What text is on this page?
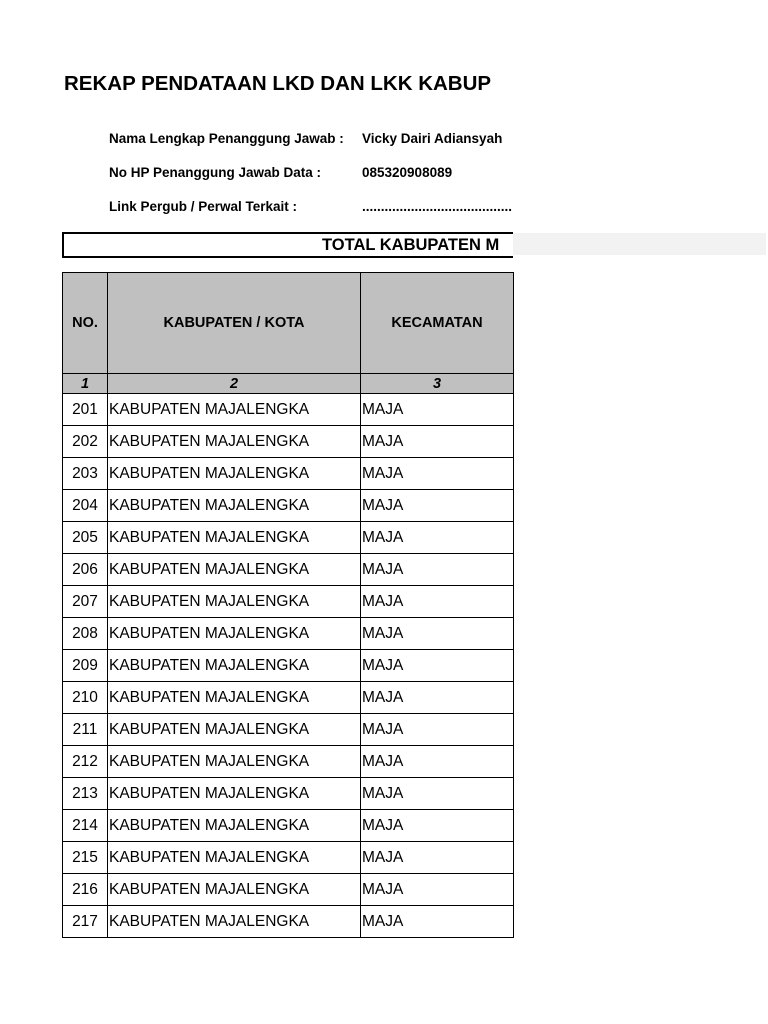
REKAP PENDATAAN LKD DAN LKK KABUP
Nama Lengkap Penanggung Jawab :	Vicky Dairi Adiansyah
No HP Penanggung Jawab Data :	085320908089
Link Pergub / Perwal Terkait :	........................................
TOTAL KABUPATEN M
NO.	KABUPATEN / KOTA	KECAMATAN
1	2	3
201	KABUPATEN MAJALENGKA	MAJA
202	KABUPATEN MAJALENGKA	MAJA
203	KABUPATEN MAJALENGKA	MAJA
204	KABUPATEN MAJALENGKA	MAJA
205	KABUPATEN MAJALENGKA	MAJA
206	KABUPATEN MAJALENGKA	MAJA
207	KABUPATEN MAJALENGKA	MAJA
208	KABUPATEN MAJALENGKA	MAJA
209	KABUPATEN MAJALENGKA	MAJA
210	KABUPATEN MAJALENGKA	MAJA
211	KABUPATEN MAJALENGKA	MAJA
212	KABUPATEN MAJALENGKA	MAJA
213	KABUPATEN MAJALENGKA	MAJA
214	KABUPATEN MAJALENGKA	MAJA
215	KABUPATEN MAJALENGKA	MAJA
216	KABUPATEN MAJALENGKA	MAJA
217	KABUPATEN MAJALENGKA	MAJA
